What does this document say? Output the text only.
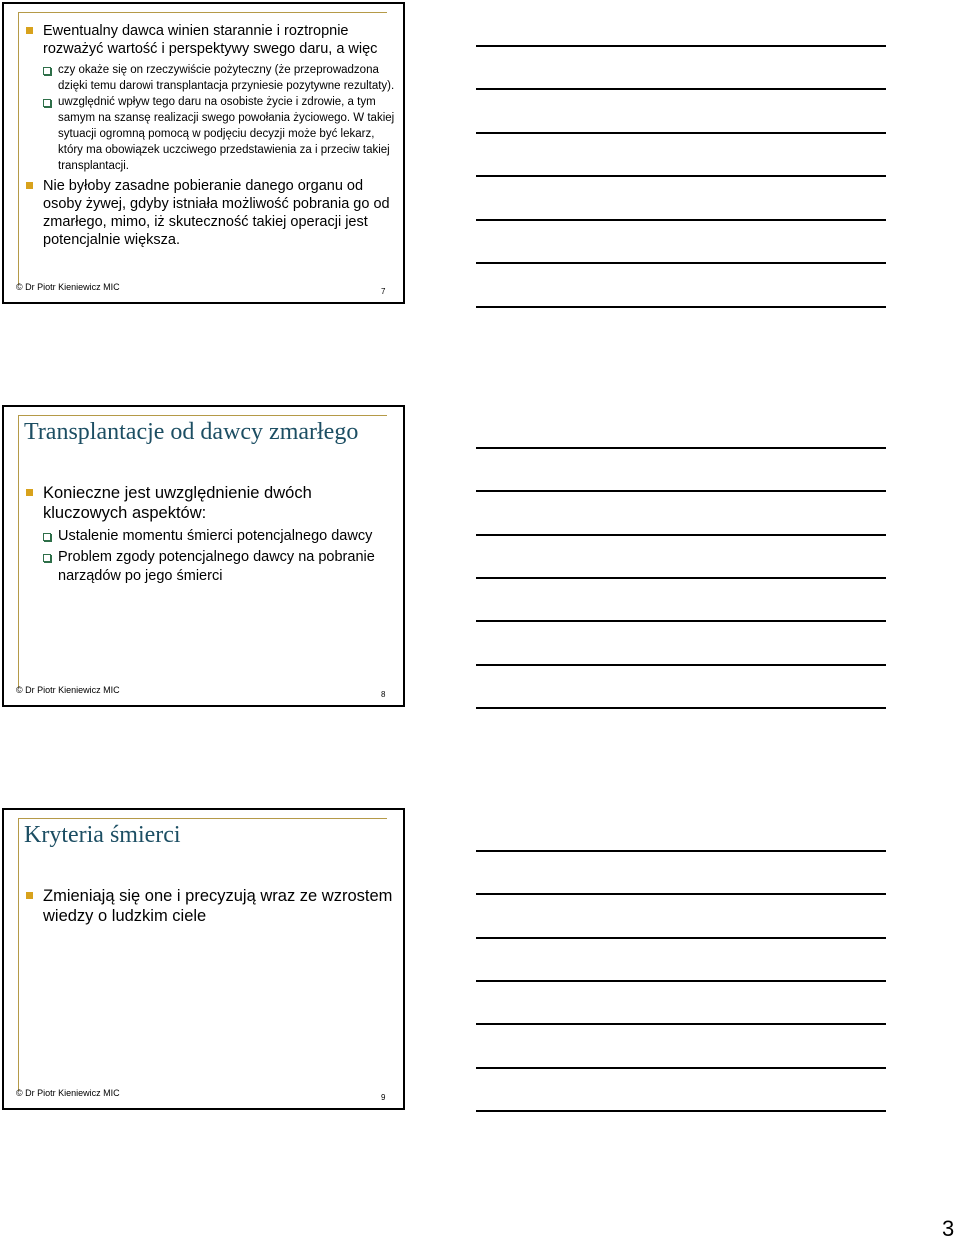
Ewentualny dawca winien starannie i roztropnie rozważyć wartość i perspektywy swego daru, a więc
czy okaże się on rzeczywiście pożyteczny (że przeprowadzona dzięki temu darowi transplantacja przyniesie pozytywne rezultaty).
uwzględnić wpływ tego daru na osobiste życie i zdrowie, a tym samym na szansę realizacji swego powołania życiowego. W takiej sytuacji ogromną pomocą w podjęciu decyzji może być lekarz, który ma obowiązek uczciwego przedstawienia za i przeciw takiej transplantacji.
Nie byłoby zasadne pobieranie danego organu od osoby żywej, gdyby istniała możliwość pobrania go od zmarłego, mimo, iż skuteczność takiej operacji jest potencjalnie większa.
© Dr Piotr Kieniewicz MIC	7
Transplantacje od dawcy zmarłego
Konieczne jest uwzględnienie dwóch kluczowych aspektów:
Ustalenie momentu śmierci potencjalnego dawcy
Problem zgody potencjalnego dawcy na pobranie narządów po jego śmierci
© Dr Piotr Kieniewicz MIC	8
Kryteria śmierci
Zmieniają się one i precyzują wraz ze wzrostem wiedzy o ludzkim ciele
© Dr Piotr Kieniewicz MIC	9
3
